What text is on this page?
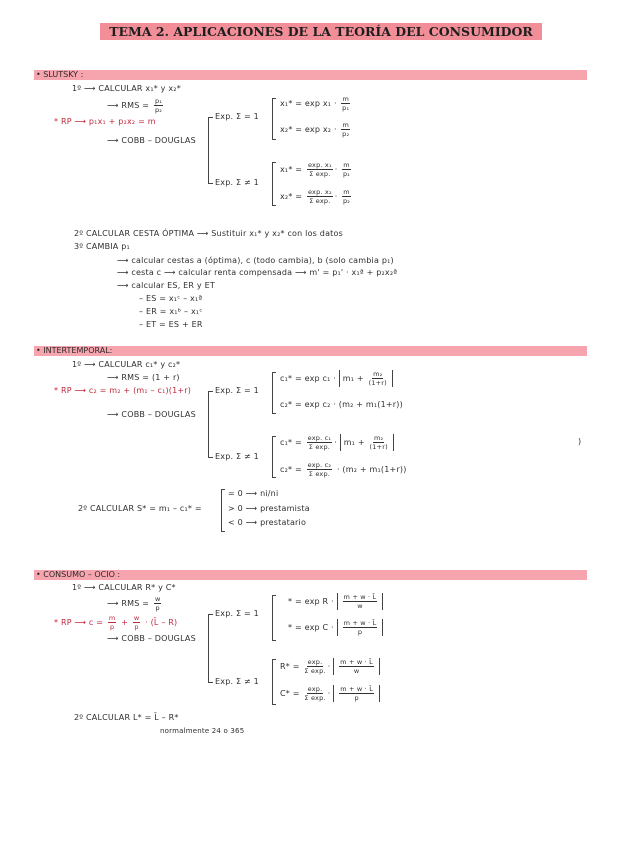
TEMA 2. APLICACIONES DE LA TEORÍA DEL CONSUMIDOR
• SLUTSKY :
1º ⟶ CALCULAR x₁* y x₂*
⟶ RMS = $\frac{\text{p₁}}{\text{p₂}}$
* RP ⟶ p₁x₁ + p₂x₂ = m
⟶ COBB – DOUGLAS
Exp. Σ = 1
Exp. Σ ≠ 1
$x_1* = \exp x_1 \cdot \frac{m}{\text{p₁}}$
$x_2* = \exp x_2 \cdot \frac{m}{\text{p₂}}$
$x_1* = \frac{\text{exp. x₁}}{\text{Σ exp.}} \cdot \frac{m}{\text{p₁}}$
$x_2* = \frac{\text{exp. x₂}}{\text{Σ exp.}} \cdot \frac{m}{\text{p₂}}$
2º CALCULAR CESTA ÓPTIMA ⟶ Sustituir x₁* y x₂* con los datos
3º CAMBIA p₁
⟶ calcular cestas a (óptima), c (todo cambia), b (solo cambia p₁)
⟶ cesta c ⟶ calcular renta compensada ⟶ m' = p₁' · x₁ª + p₂x₂ª
⟶ calcular ES, ER y ET
– ES = x₁ᶜ – x₁ª
– ER = x₁ᵇ – x₁ᶜ
– ET = ES + ER
• INTERTEMPORAL:
1º ⟶ CALCULAR c₁* y c₂*
⟶ RMS = (1 + r)
* RP ⟶ c₂ = m₂ + (m₁ – c₁)(1+r)
⟶ COBB – DOUGLAS
Exp. Σ = 1
Exp. Σ ≠ 1
$c_1* = \exp c_1 \cdot m_1 + \frac{\text{m₂}}{(1+r)}$
c₂* = exp c₂ · (m₂ + m₁(1+r))
$c_1* = \frac{\text{exp. c₁}}{\text{Σ exp.}} \cdot m_1 + \frac{\text{m₂}}{(1+r)}$
$c_2* = \frac{\text{exp. c₂}}{\text{Σ exp.}} \cdot (m_2 + m_1(1+r))$
)
2º CALCULAR S* = m₁ – c₁* =
= 0 ⟶ ni/ni
> 0 ⟶ prestamista
< 0 ⟶ prestatario
• CONSUMO – OCIO :
1º ⟶ CALCULAR R* y C*
⟶ RMS = $\frac{w}{p}$
* RP ⟶ $c = \frac{m}{p} + \frac{w}{p}$ · (L̄ – R)
⟶ COBB – DOUGLAS
Exp. Σ = 1
Exp. Σ ≠ 1
* = $\exp R \cdot \frac{m + w \cdot L̄}{w}$
* = $\exp C \cdot \frac{m + w \cdot L̄}{p}$
$R* = \frac{\exp.}{\text{Σ exp.}} \cdot \frac{m + w \cdot L̄}{w}$
$C* = \frac{\exp.}{\text{Σ exp.}} \cdot \frac{m + w \cdot L̄}{p}$
2º CALCULAR L* = L̄ – R*
normalmente 24 o 365
